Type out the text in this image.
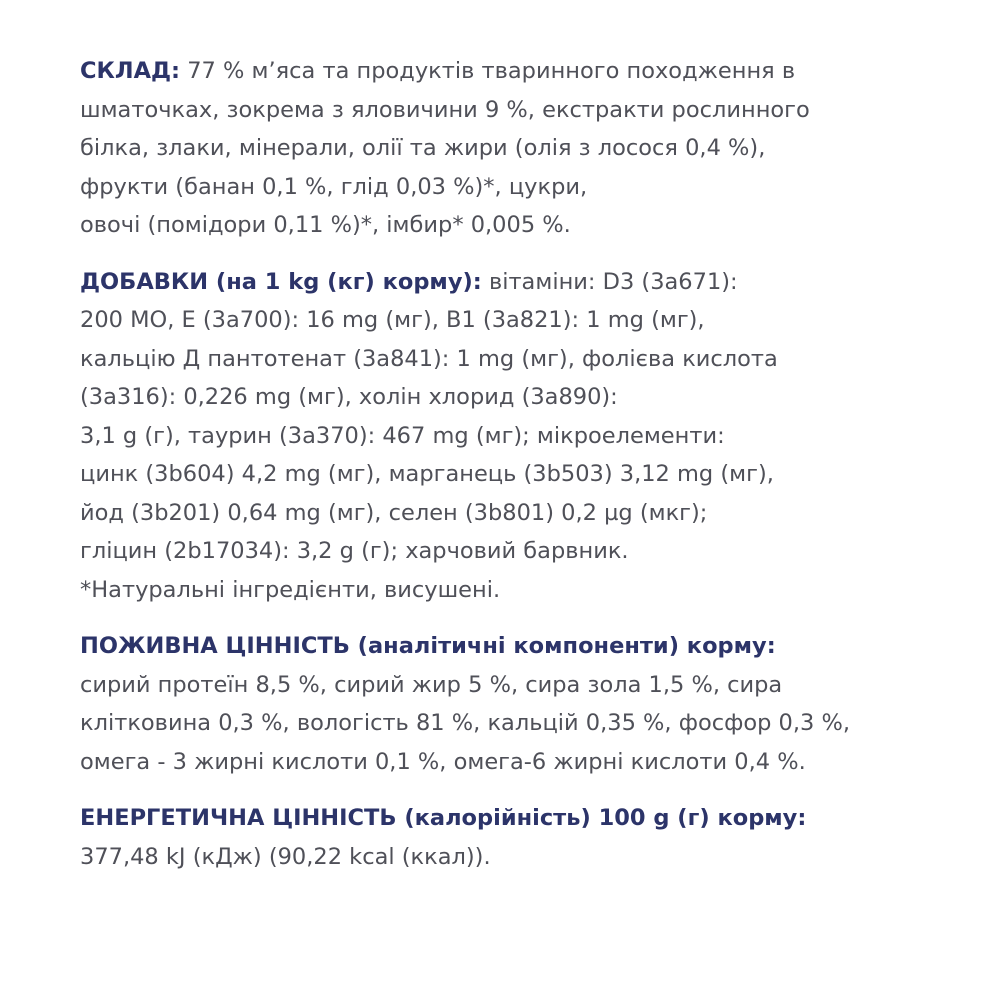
СКЛАД: 77 % м’яса та продуктів тваринного походження в
шматочках, зокрема з яловичини 9 %, екстракти рослинного
білка, злаки, мінерали, олії та жири (олія з лосося 0,4 %),
фрукти (банан 0,1 %, глід 0,03 %)*, цукри,
овочі (помідори 0,11 %)*, імбир* 0,005 %.
ДОБАВКИ (на 1 kg (кг) корму): вітаміни: D3 (3a671):
200 МО, E (3a700): 16 mg (мг), B1 (3a821): 1 mg (мг),
кальцію Д пантотенат (3a841): 1 mg (мг), фолієва кислота
(3a316): 0,226 mg (мг), холін хлорид (3a890):
3,1 g (г), таурин (3a370): 467 mg (мг); мікроелементи:
цинк (3b604) 4,2 mg (мг), марганець (3b503) 3,12 mg (мг),
йод (3b201) 0,64 mg (мг), селен (3b801) 0,2 µg (мкг);
гліцин (2b17034): 3,2 g (г); харчовий барвник.
*Натуральні інгредієнти, висушені.
ПОЖИВНА ЦІННІСТЬ (аналітичні компоненти) корму:
сирий протеїн 8,5 %, сирий жир 5 %, сира зола 1,5 %, сира
клітковина 0,3 %, вологість 81 %, кальцій 0,35 %, фосфор 0,3 %,
омега - 3 жирні кислоти 0,1 %, омега-6 жирні кислоти 0,4 %.
ЕНЕРГЕТИЧНА ЦІННІСТЬ (калорійність) 100 g (г) корму:
377,48 kJ (кДж) (90,22 kcal (ккал)).
